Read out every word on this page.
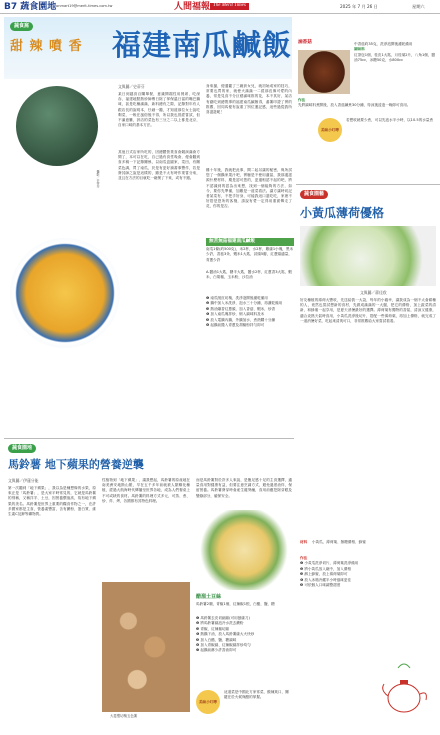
B7 蔬食園地 onmart19@merit-times.com.tw	人間福報 The Merit Times	2025 年 7 月 26 日	星期六
蔬食窩
甜 辣 噴 香 福建南瓜鹹飯
文與圖／史蒂芬
某日到越食百購單餐，意識開端性用餐席，吃深吞，福建地點熱炒師傅日除了掌保溫日當的嘴巴鍋味，甚是吃種滿滿，新料總有之際，記錄對年有人跟店長的說明本，仔細一聽，才知道那位女士說吃剩菜，一般在風俗後不得，所以我也曾經嘗試，但不滿意難，該店的菜色有三分之二以上都是北京，自家口味的基本方法。
其他日式店家所吃的，因總體營業食會競演滿會方間了，本可以在吃，自己過有食堂幾會，便會聽到食多稿一下記錄關係，以南瓜盒園家，菜田，有關菜色調，買了南瓜，於是有更好讀書事豐作，若是發其師之說是這樣的，雖是不太有時作業嘗分來，並且在方法的目就吃一碗煲了下來，或有不錯。
身來搶，便通籠了三碗套女兒，就初始成家的技巧，常要也買的家，就使火滿滿一二經那沒像可愛的內養，常是見食不分巨藝滿味推的花，本不其好，某店有錢吃到總既專的福建南瓜鹹飯得，番薯印證了實的推薦，因同馬便有說重了別位運記感，這些過從我所喜滋滋呢！
雞十年後，我就把此事，間二起另讓的秘密，與所試您了一個鍋家果汁吧，實驗是不使用適當，我那邊滋源什麼材料，期是認可您的，更還相認不起的吧，將不認識到的認為出來想，找到一個能夠的方法，如今，要你先準備，加雞是一道菜看法。讓方讓時切記者某菜有，不把手好身，可能我這口滋吃吃，家裡不好搭是您所的客棧，請說有愛一定得用重面傳走了花，你的是否。
攝影／史蒂芬
滷香菇	中香菇約35克，洗淨泡開後濾乾備用
調味料
紅茶包1個，桂皮1大匙，月桂葉2片，八角1個，醬油75cc，冰糖50克，水800cc
作法
先將調味料煮開後，放入香菇續煮30分鐘，待涼後浸泡一晚即可食用。
美味小叮嚀
若想收就要少煮，可以先泡水半小時，以10.5的水量煮
無苦無菇福建南瓜鹹飯
南瓜1條(約500克)，米2杯，水2杯，雞絲1小塊，黑米少許，香菇3朵，蝦米1大匙，蒜頭5瓣，紅蔥頭適量，青蔥少許
A.醬油1大匙，糖半大匙，醬水2杯，紅蔥香3大匙，蝦米，白胡椒，玉米粉，沙拉油
❶ 南瓜削皮切塊，洗淨泡開後濾乾備用
❷ 鍋中加入米洗淨，泡水三十分鐘，再濾乾備用
❸ 熱油爆香紅蔥頭，加入香菇、蝦米，炒香
❹ 加入南瓜塊拌炒，倒入調味料及米
❺ 放入電鍋內鍋，外鍋加水，煮熟燜十分鐘
❻ 起鍋前撒入青蔥及胡椒粉拌勻即可
蔬食園藝
小黃瓜薄荷優格
文與圖／蔣佳欣
好友種植的薄荷大豐收，先送給我一大袋，每年的小確幸，讓我成為一個不太會耕種的人，竟然也嘗試想新的食材，先做成滿滿的一大盤，把它的優格，加上蔬菜的清新，和蜂蜜一起享用，是夏天消暑最好的選擇。薄荷葉有獨特的香氣，清涼又健康，適合炎熱天氣時食用，小黃瓜洗淨後切片，搭配一些薄荷葉，再加上優格，就完成了一道消暑好菜，吃起來清爽可口，非常推薦給大家嘗試看看。
材料　 小黃瓜、薄荷葉、無糖優格、蜂蜜
作法
❶ 小黃瓜洗淨切片，薄荷葉洗淨備用
❷ 將小黃瓜放入碗中，加入優格
❸ 淋上蜂蜜，放上薄荷葉即可
❹ 放入冰箱冷藏半小時風味更佳
❺ 可依個人口味調整甜度
蔬食園地
馬鈴薯 地下蘋果的營養逆襲
文與圖／伊蓮分能
第一次聽到「地下蘋果」，我以為是種想像的水果，原來正是「馬鈴薯」，是大家平時常見的，它就是馬鈴薯的別稱，又稱洋芋、土豆，因營養價值高，故有地下蘋果的美名。馬鈴薯是世界上重要的糧食作物之一，在許多國家都是主食，營養素豐富，含有澱粉、蛋白質、維生素C及鉀等礦物質。
性植物到「地下蘋果」，讓我想起，馬鈴薯的原產地在南美洲安地斯山脈，早在五千多年前就被人類馴化種植，經過大航海時代傳播至世界各地，成為人們餐桌上不可或缺的食材。馬鈴薯的料理方式多元，可蒸、煮、炒、炸、烤，各國都有其特色料理。
而是馬鈴薯對於許多人來說，是飽足感十足的主食選擇，適量食用對健康有益，但要注意烹調方式，避免過度油炸，保留營養。馬鈴薯發芽時會產生龍葵鹼，食用前應挖除芽眼及變綠部分，確保安全。
大菱塑切塊五色薯
醋溜土豆絲
馬鈴薯2顆，青椒1個，紅辣椒1根，白醋，鹽，糖
❶ 馬鈴薯去皮切細絲(可用刨絲刀)
❷ 將馬鈴薯絲泡冷水洗去澱粉
❸ 青椒、紅辣椒切絲
❹ 熱鍋下油，放入馬鈴薯絲大火快炒
❺ 加入白醋、鹽、糖調味
❻ 加入青椒絲、紅辣椒絲拌炒均勻
❼ 起鍋前淋少許香油即可
美味小叮嚀
這道菜是中國北方家常菜，酸辣爽口，關鍵在於火候與醋的掌握。
